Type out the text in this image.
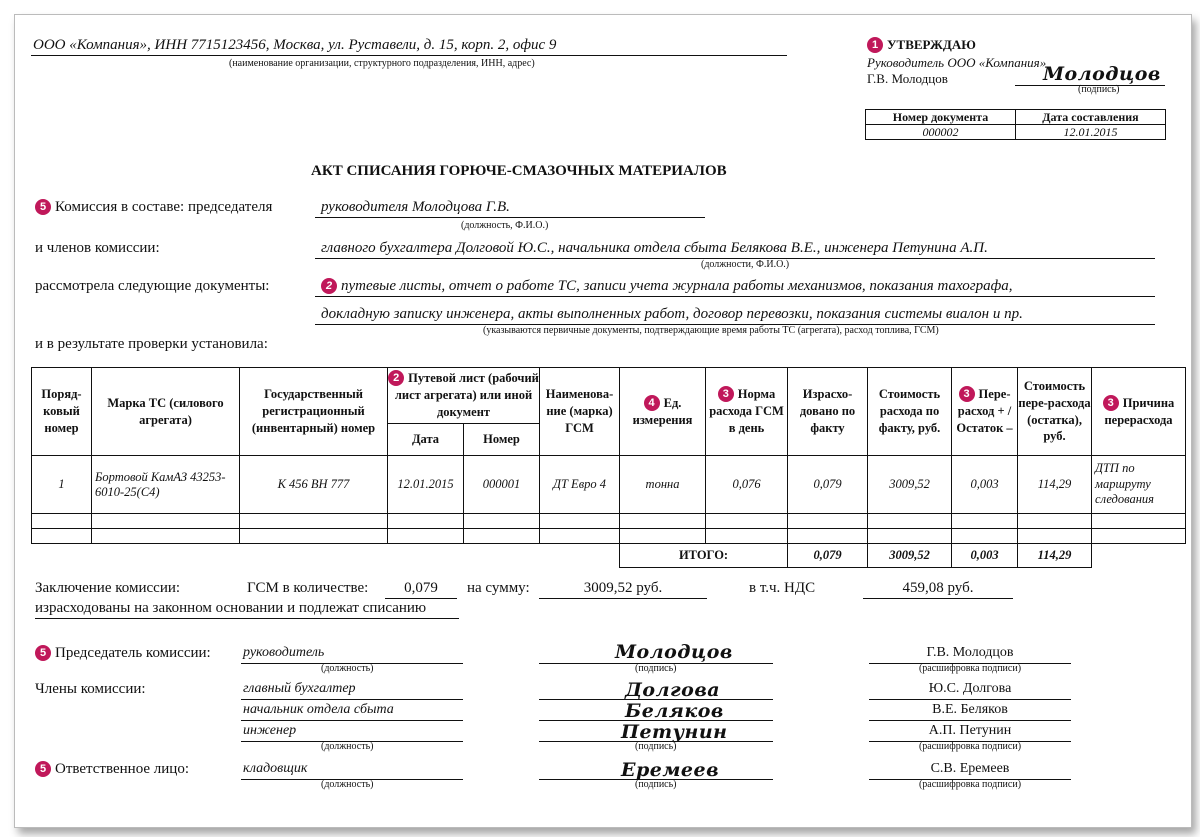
ООО «Компания», ИНН 7715123456, Москва, ул. Руставели, д. 15, корп. 2, офис 9
(наименование организации, структурного подразделения, ИНН, адрес)
1 УТВЕРЖДАЮ
Руководитель ООО «Компания»
Г.В. Молодцов	Молодцов
(подпись)
Номер документа	Дата составления
000002	12.01.2015
АКТ СПИСАНИЯ ГОРЮЧЕ-СМАЗОЧНЫХ МАТЕРИАЛОВ
5 Комиссия в составе: председателя	руководителя Молодцова Г.В.
(должность, Ф.И.О.)
и членов комиссии:	главного бухгалтера Долговой Ю.С., начальника отдела сбыта Белякова В.Е., инженера Петунина А.П.
(должности, Ф.И.О.)
рассмотрела следующие документы:	2 путевые листы, отчет о работе ТС, записи учета журнала работы механизмов, показания тахографа,
докладную записку инженера, акты выполненных работ, договор перевозки, показания системы виалон и пр.
(указываются первичные документы, подтверждающие время работы ТС (агрегата), расход топлива, ГСМ)
и в результате проверки установила:
Поряд-ковый номер	Марка ТС (силового агрегата)	Государственный регистрационный (инвентарный) номер	2 Путевой лист (рабочий лист агрегата) или иной документ		Наименова-ние (марка) ГСМ	4 Ед. измерения	3 Норма расхода ГСМ в день	Израсхо-довано по факту	Стоимость расхода по факту, руб.	3 Пере-расход + / Остаток –	Стоимость пере-расхода (остатка), руб.	3 Причина перерасхода
			Дата	Номер								
1	Бортовой КамАЗ 43253-6010-25(С4)	К 456 ВН 777	12.01.2015	000001	ДТ Евро 4	тонна	0,076	0,079	3009,52	0,003	114,29	ДТП по маршруту следования

						ИТОГО:		0,079	3009,52	0,003	114,29	
Заключение комиссии:	ГСМ в количестве:	0,079	на сумму:	3009,52 руб.	в т.ч. НДС	459,08 руб.
израсходованы на законном основании и подлежат списанию
5 Председатель комиссии: руководитель
(должность)
Молодцов
(подпись)
Г.В. Молодцов
(расшифровка подписи)
Члены комиссии:	главный бухгалтер	Долгова	Ю.С. Долгова
начальник отдела сбыта	Беляков	В.Е. Беляков
инженер
(должность)
Петунин
(подпись)
А.П. Петунин
(расшифровка подписи)
5 Ответственное лицо:	кладовщик
(должность)
Еремеев
(подпись)
С.В. Еремеев
(расшифровка подписи)
